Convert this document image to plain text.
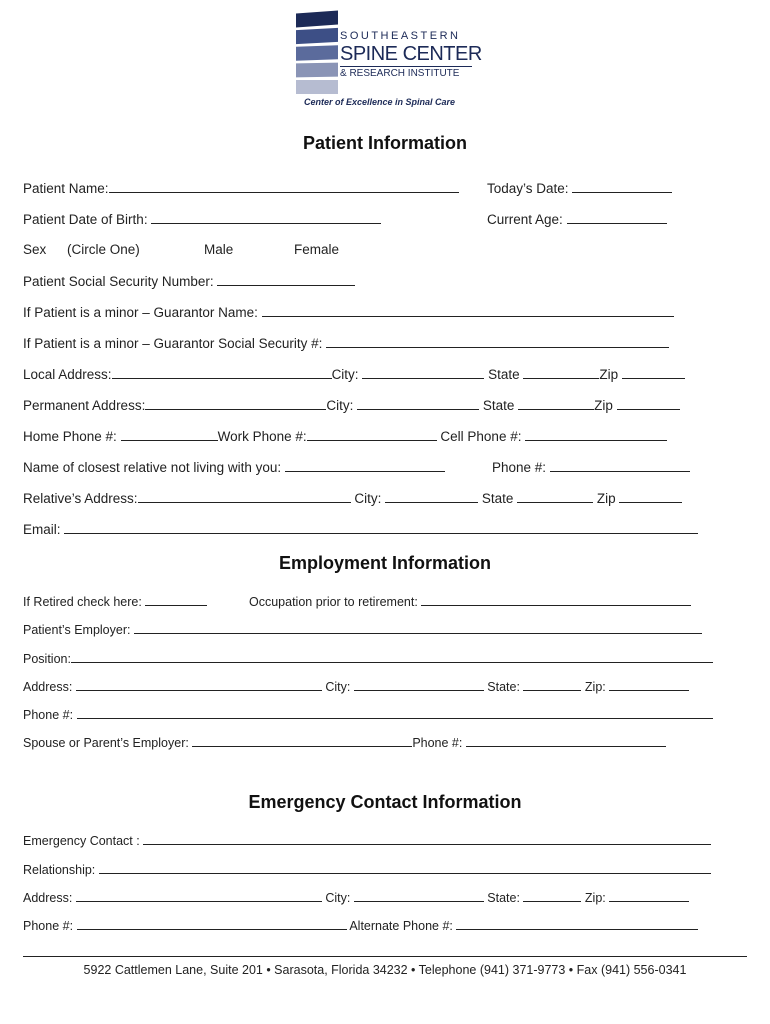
SOUTHEASTERN
SPINE CENTER
& RESEARCH INSTITUTE
Center of Excellence in Spinal Care
Patient Information
Patient Name:	Today’s Date:
Patient Date of Birth:	Current Age:
Sex (Circle One)	Male	Female
Patient Social Security Number:
If Patient is a minor – Guarantor Name:
If Patient is a minor – Guarantor Social Security #:
Local Address:	City:	State	Zip
Permanent Address:	City:	State	Zip
Home Phone #:	Work Phone #:	Cell Phone #:
Name of closest relative not living with you:	Phone #:
Relative’s Address:	City:	State	Zip
Email:
Employment Information
If Retired check here:	Occupation prior to retirement:
Patient’s Employer:
Position:
Address:	City:	State:	Zip:
Phone #:
Spouse or Parent’s Employer:	Phone #:
Emergency Contact Information
Emergency Contact :
Relationship:
Address:	City:	State:	Zip:
Phone #:	Alternate Phone #:
5922 Cattlemen Lane, Suite 201 • Sarasota, Florida 34232 • Telephone (941) 371-9773 • Fax (941) 556-0341
